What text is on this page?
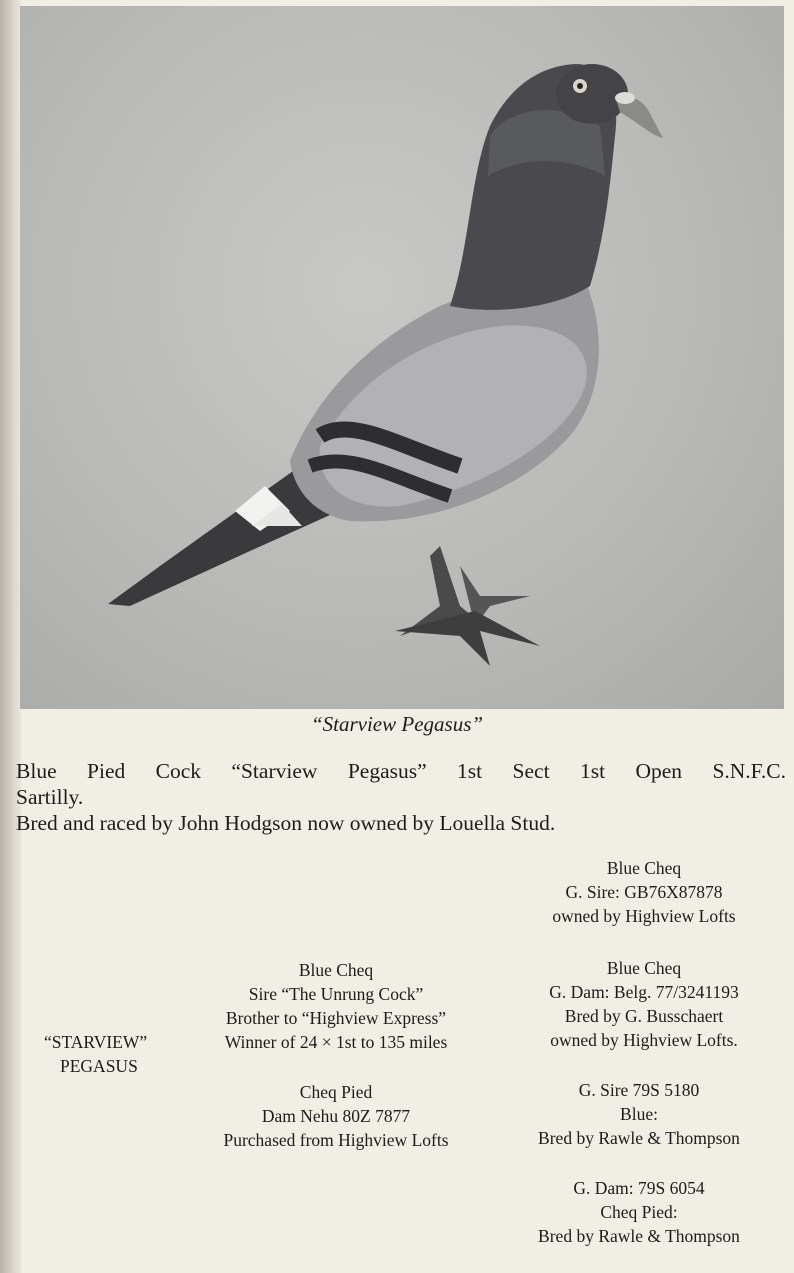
“Starview Pegasus”

Blue Pied Cock “Starview Pegasus” 1st Sect 1st Open S.N.F.C.

Sartilly.

Bred and raced by John Hodgson now owned by Louella Stud.

Blue Cheq
G. Sire: GB76X87878
owned by Highview Lofts
Blue Cheq
Sire “The Unrung Cock”
Brother to “Highview Express”
Winner of 24 × 1st to 135 miles
Blue Cheq
G. Dam: Belg. 77/3241193
Bred by G. Busschaert
owned by Highview Lofts.
“STARVIEW”
PEGASUS
Cheq Pied
Dam Nehu 80Z 7877
Purchased from Highview Lofts
G. Sire 79S 5180
Blue:
Bred by Rawle & Thompson
G. Dam: 79S 6054
Cheq Pied:
Bred by Rawle & Thompson
